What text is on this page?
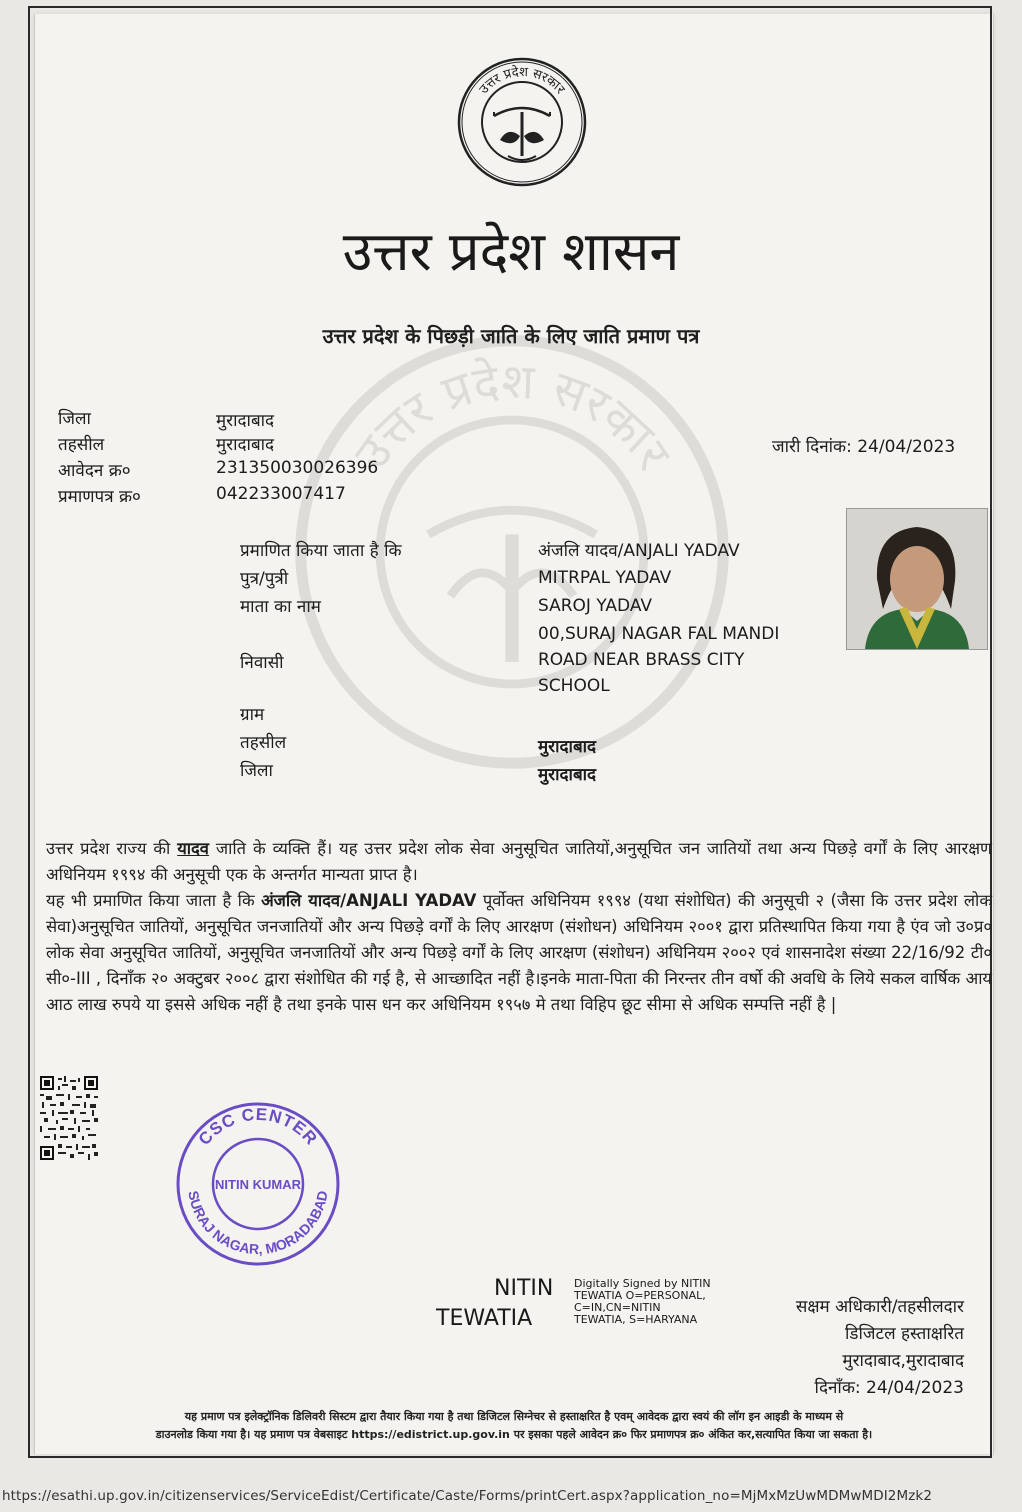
उत्तर प्रदेश सरकार
उत्तर प्रदेश सरकार
उत्तर प्रदेश शासन
उत्तर प्रदेश के पिछड़ी जाति के लिए जाति प्रमाण पत्र
जिला	मुरादाबाद
तहसील	मुरादाबाद
आवेदन क्र०	231350030026396
प्रमाणपत्र क्र०	042233007417
जारी दिनांक: 24/04/2023
प्रमाणित किया जाता है कि	अंजलि यादव/ANJALI YADAV
पुत्र/पुत्री	MITRPAL YADAV
माता का नाम	SAROJ YADAV
निवासी
00,SURAJ NAGAR FAL MANDI
ROAD NEAR BRASS CITY
SCHOOL
ग्राम
तहसील	मुरादाबाद
जिला	मुरादाबाद

उत्तर प्रदेश राज्य की यादव जाति के व्यक्ति हैं। यह उत्तर प्रदेश लोक सेवा अनुसूचित जातियों,अनुसूचित जन जातियों तथा अन्य पिछड़े वर्गों के लिए आरक्षण अधिनियम १९९४ की अनुसूची एक के अन्तर्गत मान्यता प्राप्त है।

यह भी प्रमाणित किया जाता है कि अंजलि यादव/ANJALI YADAV पूर्वोक्त अधिनियम १९९४ (यथा संशोधित) की अनुसूची २ (जैसा कि उत्तर प्रदेश लोक सेवा)अनुसूचित जातियों, अनुसूचित जनजातियों और अन्य पिछड़े वर्गों के लिए आरक्षण (संशोधन) अधिनियम २००१ द्वारा प्रतिस्थापित किया गया है एंव जो उ०प्र० लोक सेवा अनुसूचित जातियों, अनुसूचित जनजातियों और अन्य पिछड़े वर्गों के लिए आरक्षण (संशोधन) अधिनियम २००२ एवं शासनादेश संख्या 22/16/92 टी० सी०-III , दिनाँक २० अक्टुबर २००८ द्वारा संशोधित की गई है, से आच्छादित नहीं है।इनके माता-पिता की निरन्तर तीन वर्षो की अवधि के लिये सकल वार्षिक आय आठ लाख रुपये या इससे अधिक नहीं है तथा इनके पास धन कर अधिनियम १९५७ मे तथा विहिप छूट सीमा से अधिक सम्पत्ति नहीं है |

CSC CENTER
SURAJ NAGAR, MORADABAD
NITIN KUMAR
NITIN
TEWATIA
Digitally Signed by NITIN
TEWATIA O=PERSONAL,
C=IN,CN=NITIN
TEWATIA, S=HARYANA
सक्षम अधिकारी/तहसीलदार
डिजिटल हस्ताक्षरित
मुरादाबाद,मुरादाबाद
दिनाँक: 24/04/2023
यह प्रमाण पत्र इलेक्ट्रॉनिक डिलिवरी सिस्टम द्वारा तैयार किया गया है तथा डिजिटल सिग्नेचर से हस्ताक्षरित है एवम् आवेदक द्वारा स्वयं की लॉग इन आइडी के माध्यम से
डाउनलोड किया गया है। यह प्रमाण पत्र वेबसाइट https://edistrict.up.gov.in पर इसका पहले आवेदन क्र० फिर प्रमाणपत्र क्र० अंकित कर,सत्यापित किया जा सकता है।
https://esathi.up.gov.in/citizenservices/ServiceEdist/Certificate/Caste/Forms/printCert.aspx?application_no=MjMxMzUwMDMwMDI2Mzk2
